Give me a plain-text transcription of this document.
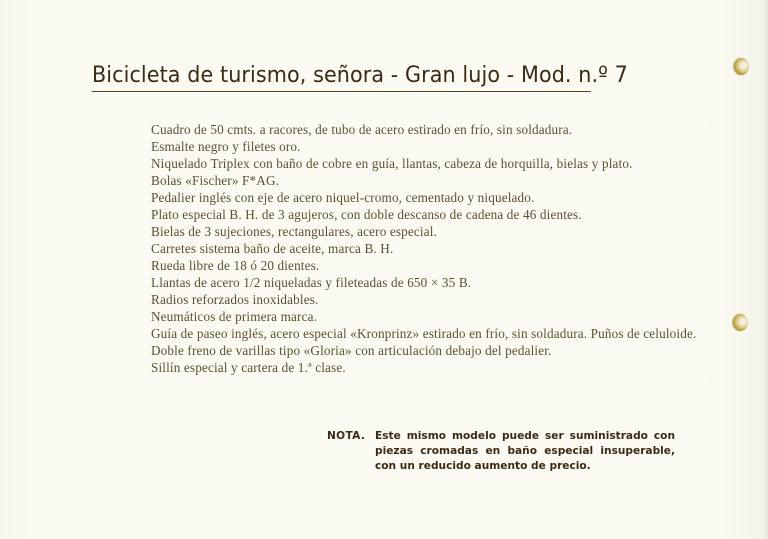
Bicicleta de turismo, señora - Gran lujo - Mod. n.º 7
Cuadro de 50 cmts. a racores, de tubo de acero estirado en frío, sin soldadura.
Esmalte negro y filetes oro.
Niquelado Triplex con baño de cobre en guía, llantas, cabeza de horquilla, bielas y plato.
Bolas «Fischer» F*AG.
Pedalier inglés con eje de acero niquel-cromo, cementado y niquelado.
Plato especial B. H. de 3 agujeros, con doble descanso de cadena de 46 dientes.
Bielas de 3 sujeciones, rectangulares, acero especial.
Carretes sistema baño de aceite, marca B. H.
Rueda libre de 18 ó 20 dientes.
Llantas de acero 1/2 niqueladas y fileteadas de 650 × 35 B.
Radios reforzados inoxidables.
Neumáticos de primera marca.
Guía de paseo inglés, acero especial «Kronprinz» estirado en frío, sin soldadura. Puños de celuloide.
Doble freno de varillas tipo «Gloria» con articulación debajo del pedalier.
Sillín especial y cartera de 1.ª clase.
NOTA. Este mismo modelo puede ser suministrado con piezas cromadas en baño especial insuperable, con un reducido aumento de precio.
